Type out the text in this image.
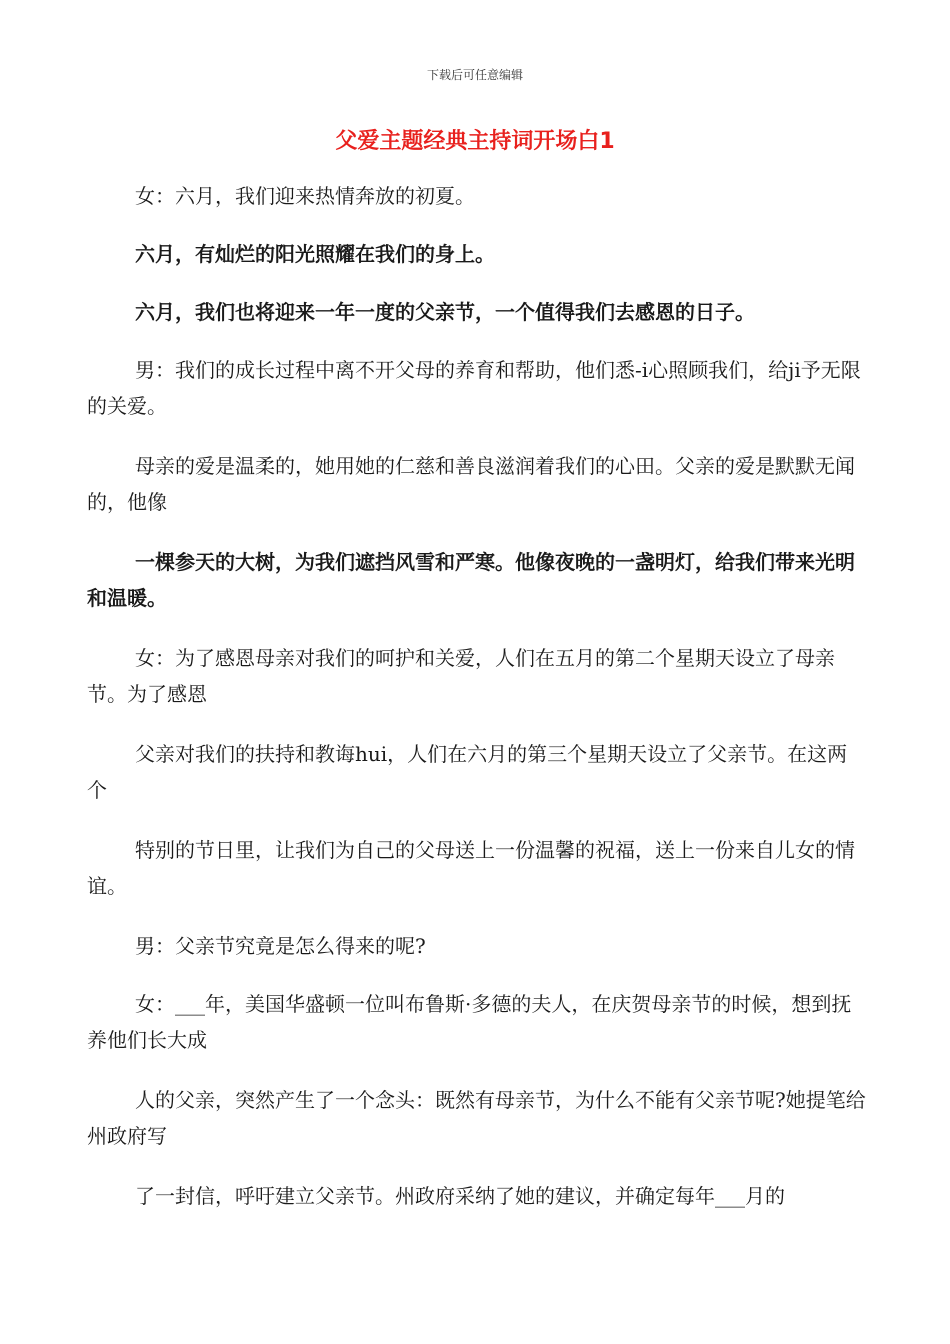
下载后可任意编辑
父爱主题经典主持词开场白1
女：六月，我们迎来热情奔放的初夏。
六月，有灿烂的阳光照耀在我们的身上。
六月，我们也将迎来一年一度的父亲节，一个值得我们去感恩的日子。
男：我们的成长过程中离不开父母的养育和帮助，他们悉-i心照顾我们，给ji予无限的关爱。
母亲的爱是温柔的，她用她的仁慈和善良滋润着我们的心田。父亲的爱是默默无闻的，他像
一棵参天的大树，为我们遮挡风雪和严寒。他像夜晚的一盏明灯，给我们带来光明和温暖。
女：为了感恩母亲对我们的呵护和关爱，人们在五月的第二个星期天设立了母亲节。为了感恩
父亲对我们的扶持和教诲hui，人们在六月的第三个星期天设立了父亲节。在这两个
特别的节日里，让我们为自己的父母送上一份温馨的祝福，送上一份来自儿女的情谊。
男：父亲节究竟是怎么得来的呢?
女：___年，美国华盛顿一位叫布鲁斯·多德的夫人，在庆贺母亲节的时候，想到抚养他们长大成
人的父亲，突然产生了一个念头：既然有母亲节，为什么不能有父亲节呢?她提笔给州政府写
了一封信，呼吁建立父亲节。州政府采纳了她的建议，并确定每年___月的
